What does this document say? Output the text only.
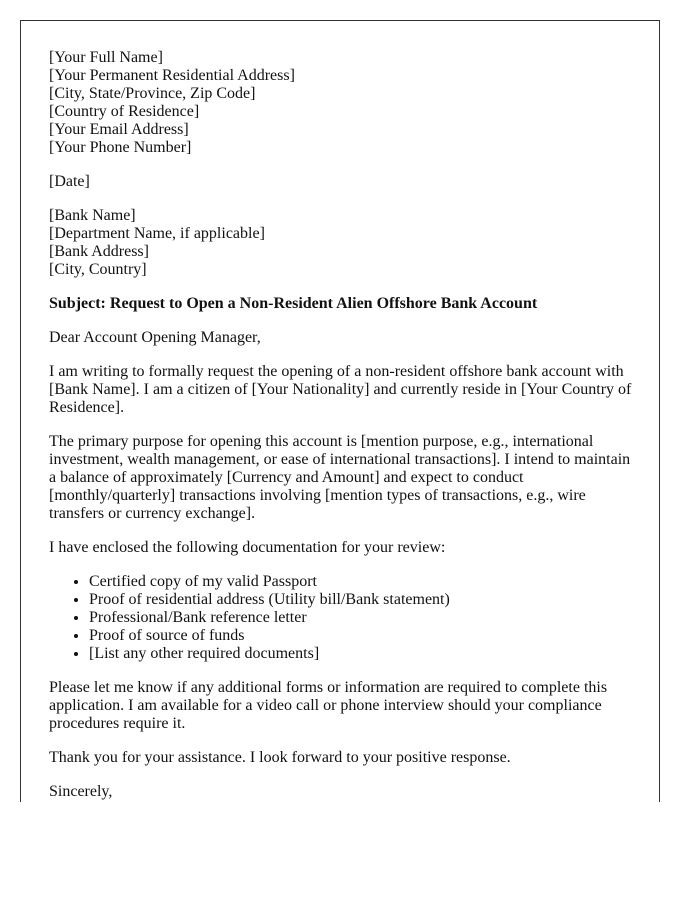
[Your Full Name]
[Your Permanent Residential Address]
[City, State/Province, Zip Code]
[Country of Residence]
[Your Email Address]
[Your Phone Number]
[Date]
[Bank Name]
[Department Name, if applicable]
[Bank Address]
[City, Country]

Subject: Request to Open a Non-Resident Alien Offshore Bank Account

Dear Account Opening Manager,

I am writing to formally request the opening of a non-resident offshore bank account with [Bank Name]. I am a citizen of [Your Nationality] and currently reside in [Your Country of Residence].

The primary purpose for opening this account is [mention purpose, e.g., international investment, wealth management, or ease of international transactions]. I intend to maintain a balance of approximately [Currency and Amount] and expect to conduct [monthly/quarterly] transactions involving [mention types of transactions, e.g., wire transfers or currency exchange].

I have enclosed the following documentation for your review:

• Certified copy of my valid Passport
• Proof of residential address (Utility bill/Bank statement)
• Professional/Bank reference letter
• Proof of source of funds
• [List any other required documents]

Please let me know if any additional forms or information are required to complete this application. I am available for a video call or phone interview should your compliance procedures require it.

Thank you for your assistance. I look forward to your positive response.

Sincerely,
